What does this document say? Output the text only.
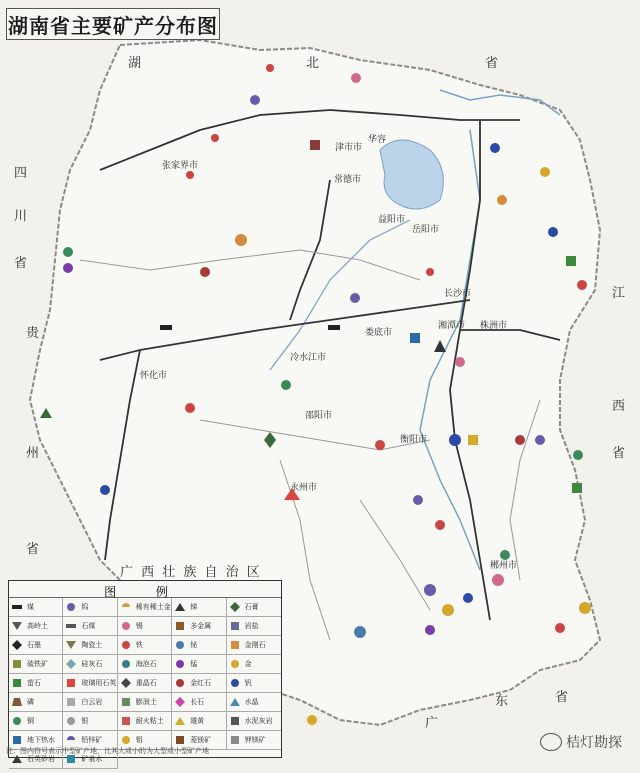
湖南省主要矿产分布图
湖	北	省
四
川
省
贵
州
省
江
西
省
广
东	省
广 西 壮 族 自 治 区
岳阳市
常德市
益阳市
长沙市
湘潭市 株洲市
娄底市
邵阳市
衡阳市
郴州市
永州市
怀化市
张家界市
冷水江市
津市市
华容
图 例
煤	钨	稀有稀土金	锑	石膏
高岭土	石煤	锡	多金属	岩盐
石墨	陶瓷土	铁	铋	金刚石
硫铁矿	硅灰石	海泡石	锰	金
萤石	玻璃用石英	重晶石	金红石	钒
磷	白云岩	膨润土	长石	水晶
铜	银	耐火粘土	雄黄	水泥灰岩
地下热水	铅锌矿	钼	菱镁矿	钾镁矿
石英砂岩	矿泉水
注：图内符号表示中型矿产地，比其大或小的为大型或小型矿产地	桔灯勘探
